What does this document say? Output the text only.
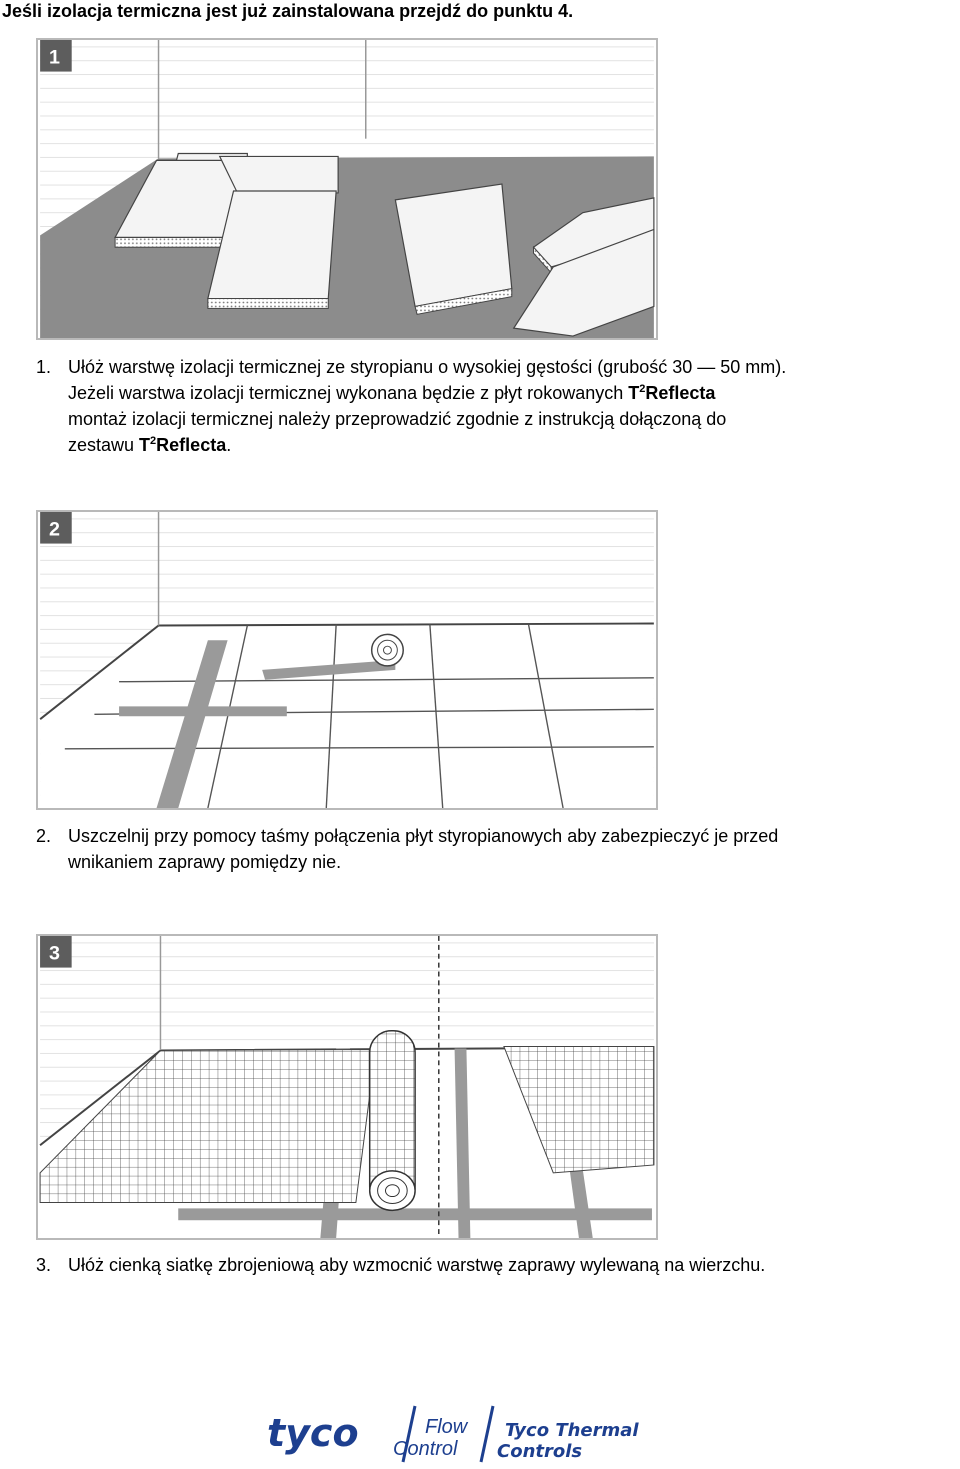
Jeśli izolacja termiczna jest już zainstalowana przejdź do punktu 4.
1
1. Ułóż warstwę izolacji termicznej ze styropianu o wysokiej gęstości (grubość 30 — 50 mm).
Jeżeli warstwa izolacji termicznej wykonana będzie z płyt rokowanych $T^2Reflecta$
montaż izolacji termicznej należy przeprowadzić zgodnie z instrukcją dołączoną do
zestawu $T^2Reflecta$.
2
2. Uszczelnij przy pomocy taśmy połączenia płyt styropianowych aby zabezpieczyć je przed
wnikaniem zaprawy pomiędzy nie.
3
3. Ułóż cienką siatkę zbrojeniową aby wzmocnić warstwę zaprawy wylewaną na wierzchu.
tyco	Flow
Control
Tyco Thermal
Controls
